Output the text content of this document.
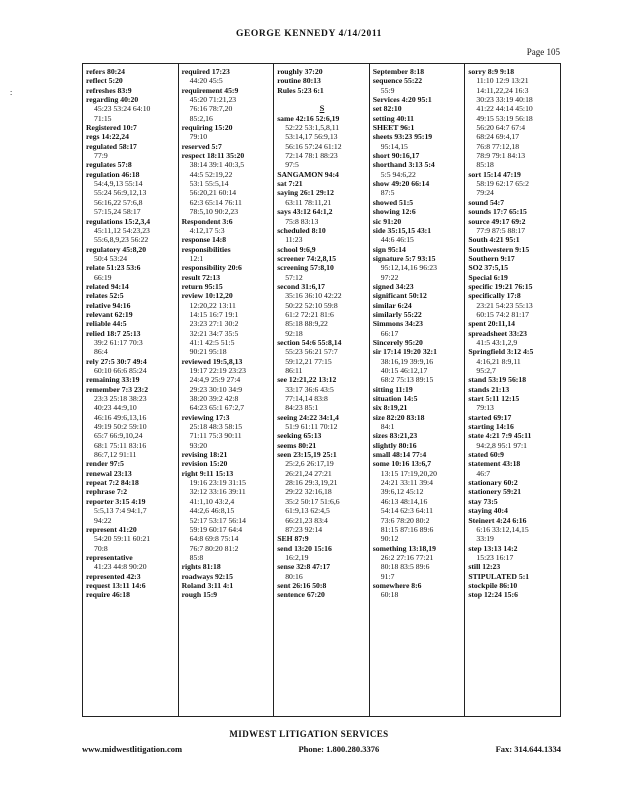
GEORGE KENNEDY 4/14/2011
Page 105
:
refers 80:24
reflect 5:20
refreshes 83:9
regarding 40:20
45:23 53:24 64:10
71:15
Registered 10:7
regs 14:22,24
regulated 58:17
77:9
regulates 57:8
regulation 46:18
54:4,9,13 55:14
55:24 56:9,12,13
56:16,22 57:6,8
57:15,24 58:17
regulations 15:2,3,4
45:11,12 54:23,23
55:6,8,9,23 56:22
regulatory 45:8,20
50:4 53:24
relate 51:23 53:6
66:19
related 94:14
relates 52:5
relative 94:16
relevant 62:19
reliable 44:5
relied 18:7 25:13
39:2 61:17 70:3
86:4
rely 27:5 30:7 49:4
60:10 66:6 85:24
remaining 33:19
remember 7:3 23:2
23:3 25:18 38:23
40:23 44:9,10
46:16 49:6,13,16
49:19 50:2 59:10
65:7 66:9,10,24
68:1 75:11 83:16
86:7,12 91:11
render 97:5
renewal 23:13
repeat 7:2 84:18
rephrase 7:2
reporter 3:15 4:19
5:5,13 7:4 94:1,7
94:22
represent 41:20
54:20 59:11 60:21
70:8
representative
41:23 44:8 90:20
represented 42:3
request 13:11 14:6
require 46:18
required 17:23
44:20 45:5
requirement 45:9
45:20 71:21,23
76:16 78:7,20
85:2,16
requiring 15:20
79:10
reserved 5:7
respect 18:11 35:20
38:14 39:1 40:3,5
44:5 52:19,22
53:1 55:5,14
56:20,21 60:14
62:3 65:14 76:11
78:5,10 90:2,23
Respondent 3:6
4:12,17 5:3
response 14:8
responsibilities
12:1
responsibility 20:6
result 72:13
return 95:15
review 10:12,20
12:20,22 13:11
14:15 16:7 19:1
23:23 27:1 30:2
32:21 34:7 35:5
41:1 42:5 51:5
90:21 95:18
reviewed 19:5,8,13
19:17 22:19 23:23
24:4,9 25:9 27:4
29:23 30:10 34:9
38:20 39:2 42:8
64:23 65:1 67:2,7
reviewing 17:3
25:18 48:3 58:15
71:11 75:3 90:11
93:20
revising 18:21
revision 15:20
right 9:11 15:13
19:16 23:19 31:15
32:12 33:16 39:11
41:1,10 43:2,4
44:2,6 46:8,15
52:17 53:17 56:14
59:19 60:17 64:4
64:8 69:8 75:14
76:7 80:20 81:2
85:8
rights 81:18
roadways 92:15
Roland 3:11 4:1
rough 15:9
roughly 37:20
routine 80:13
Rules 5:23 6:1

S
same 42:16 52:6,19
52:22 53:1,5,8,11
53:14,17 56:9,13
56:16 57:24 61:12
72:14 78:1 88:23
97:5
SANGAMON 94:4
sat 7:21
saying 26:1 29:12
63:11 78:11,21
says 43:12 64:1,2
75:8 83:13
scheduled 8:10
11:23
school 9:6,9
screener 74:2,8,15
screening 57:8,10
57:12
second 31:6,17
35:16 36:10 42:22
50:22 52:10 59:8
61:2 72:21 81:6
85:18 88:9,22
92:18
section 54:6 55:8,14
55:23 56:21 57:7
59:12,21 77:15
86:11
see 12:21,22 13:12
33:17 36:6 43:5
77:14,14 83:8
84:23 85:1
seeing 24:22 34:1,4
51:9 61:11 70:12
seeking 65:13
seems 80:21
seen 23:15,19 25:1
25:2,6 26:17,19
26:21,24 27:21
28:16 29:3,19,21
29:22 32:16,18
35:2 50:17 51:6,6
61:9,13 62:4,5
66:21,23 83:4
87:23 92:14
SEH 87:9
send 13:20 15:16
16:2,19
sense 32:8 47:17
80:16
sent 26:16 50:8
sentence 67:20
September 8:18
sequence 55:22
55:9
Services 4:20 95:1
set 82:10
setting 40:11
SHEET 96:1
sheets 93:23 95:19
95:14,15
short 90:16,17
shorthand 3:13 5:4
5:5 94:6,22
show 49:20 66:14
87:5
showed 51:5
showing 12:6
sic 91:20
side 35:15,15 43:1
44:6 46:15
sign 95:14
signature 5:7 93:15
95:12,14,16 96:23
97:22
signed 34:23
significant 50:12
similar 6:24
similarly 55:22
Simmons 34:23
66:17
Sincerely 95:20
sir 17:14 19:20 32:1
38:16,19 39:9,16
40:15 46:12,17
68:2 75:13 89:15
sitting 11:19
situation 14:5
six 8:19,21
size 82:20 83:18
84:1
sizes 83:21,23
slightly 80:16
small 48:14 77:4
some 10:16 13:6,7
13:15 17:19,20,20
24:21 33:11 39:4
39:6,12 45:12
46:13 48:14,16
54:14 62:3 64:11
73:6 78:20 80:2
81:15 87:16 89:6
90:12
something 13:18,19
26:2 27:16 77:21
80:18 83:5 89:6
91:7
somewhere 8:6
60:18
sorry 8:9 9:18
11:10 12:9 13:21
14:11,22,24 16:3
30:23 33:19 40:18
41:22 44:14 45:10
49:15 53:19 56:18
56:20 64:7 67:4
68:24 69:4,17
76:8 77:12,18
78:9 79:1 84:13
85:18
sort 15:14 47:19
58:19 62:17 65:2
79:24
sound 54:7
sounds 17:7 65:15
source 49:17 69:2
77:9 87:5 88:17
South 4:21 95:1
Southwestern 9:15
Southern 9:17
SO2 37:5,15
Special 6:19
specific 19:21 76:15
specifically 17:8
23:21 54:23 55:13
60:15 74:2 81:17
spent 20:11,14
spreadsheet 33:23
41:5 43:1,2,9
Springfield 3:12 4:5
4:16,21 8:9,11
95:2,7
stand 53:19 56:18
stands 21:13
start 5:11 12:15
79:13
started 69:17
starting 14:16
state 4:21 7:9 45:11
94:2,8 95:1 97:1
stated 60:9
statement 43:18
46:7
stationary 60:2
stationery 59:21
stay 73:5
staying 40:4
Steinert 4:24 6:16
6:16 33:12,14,15
33:19
step 13:13 14:2
15:23 16:17
still 12:23
STIPULATED 5:1
stockpile 86:10
stop 12:24 15:6
MIDWEST LITIGATION SERVICES
www.midwestlitigation.com	Phone: 1.800.280.3376	Fax: 314.644.1334
